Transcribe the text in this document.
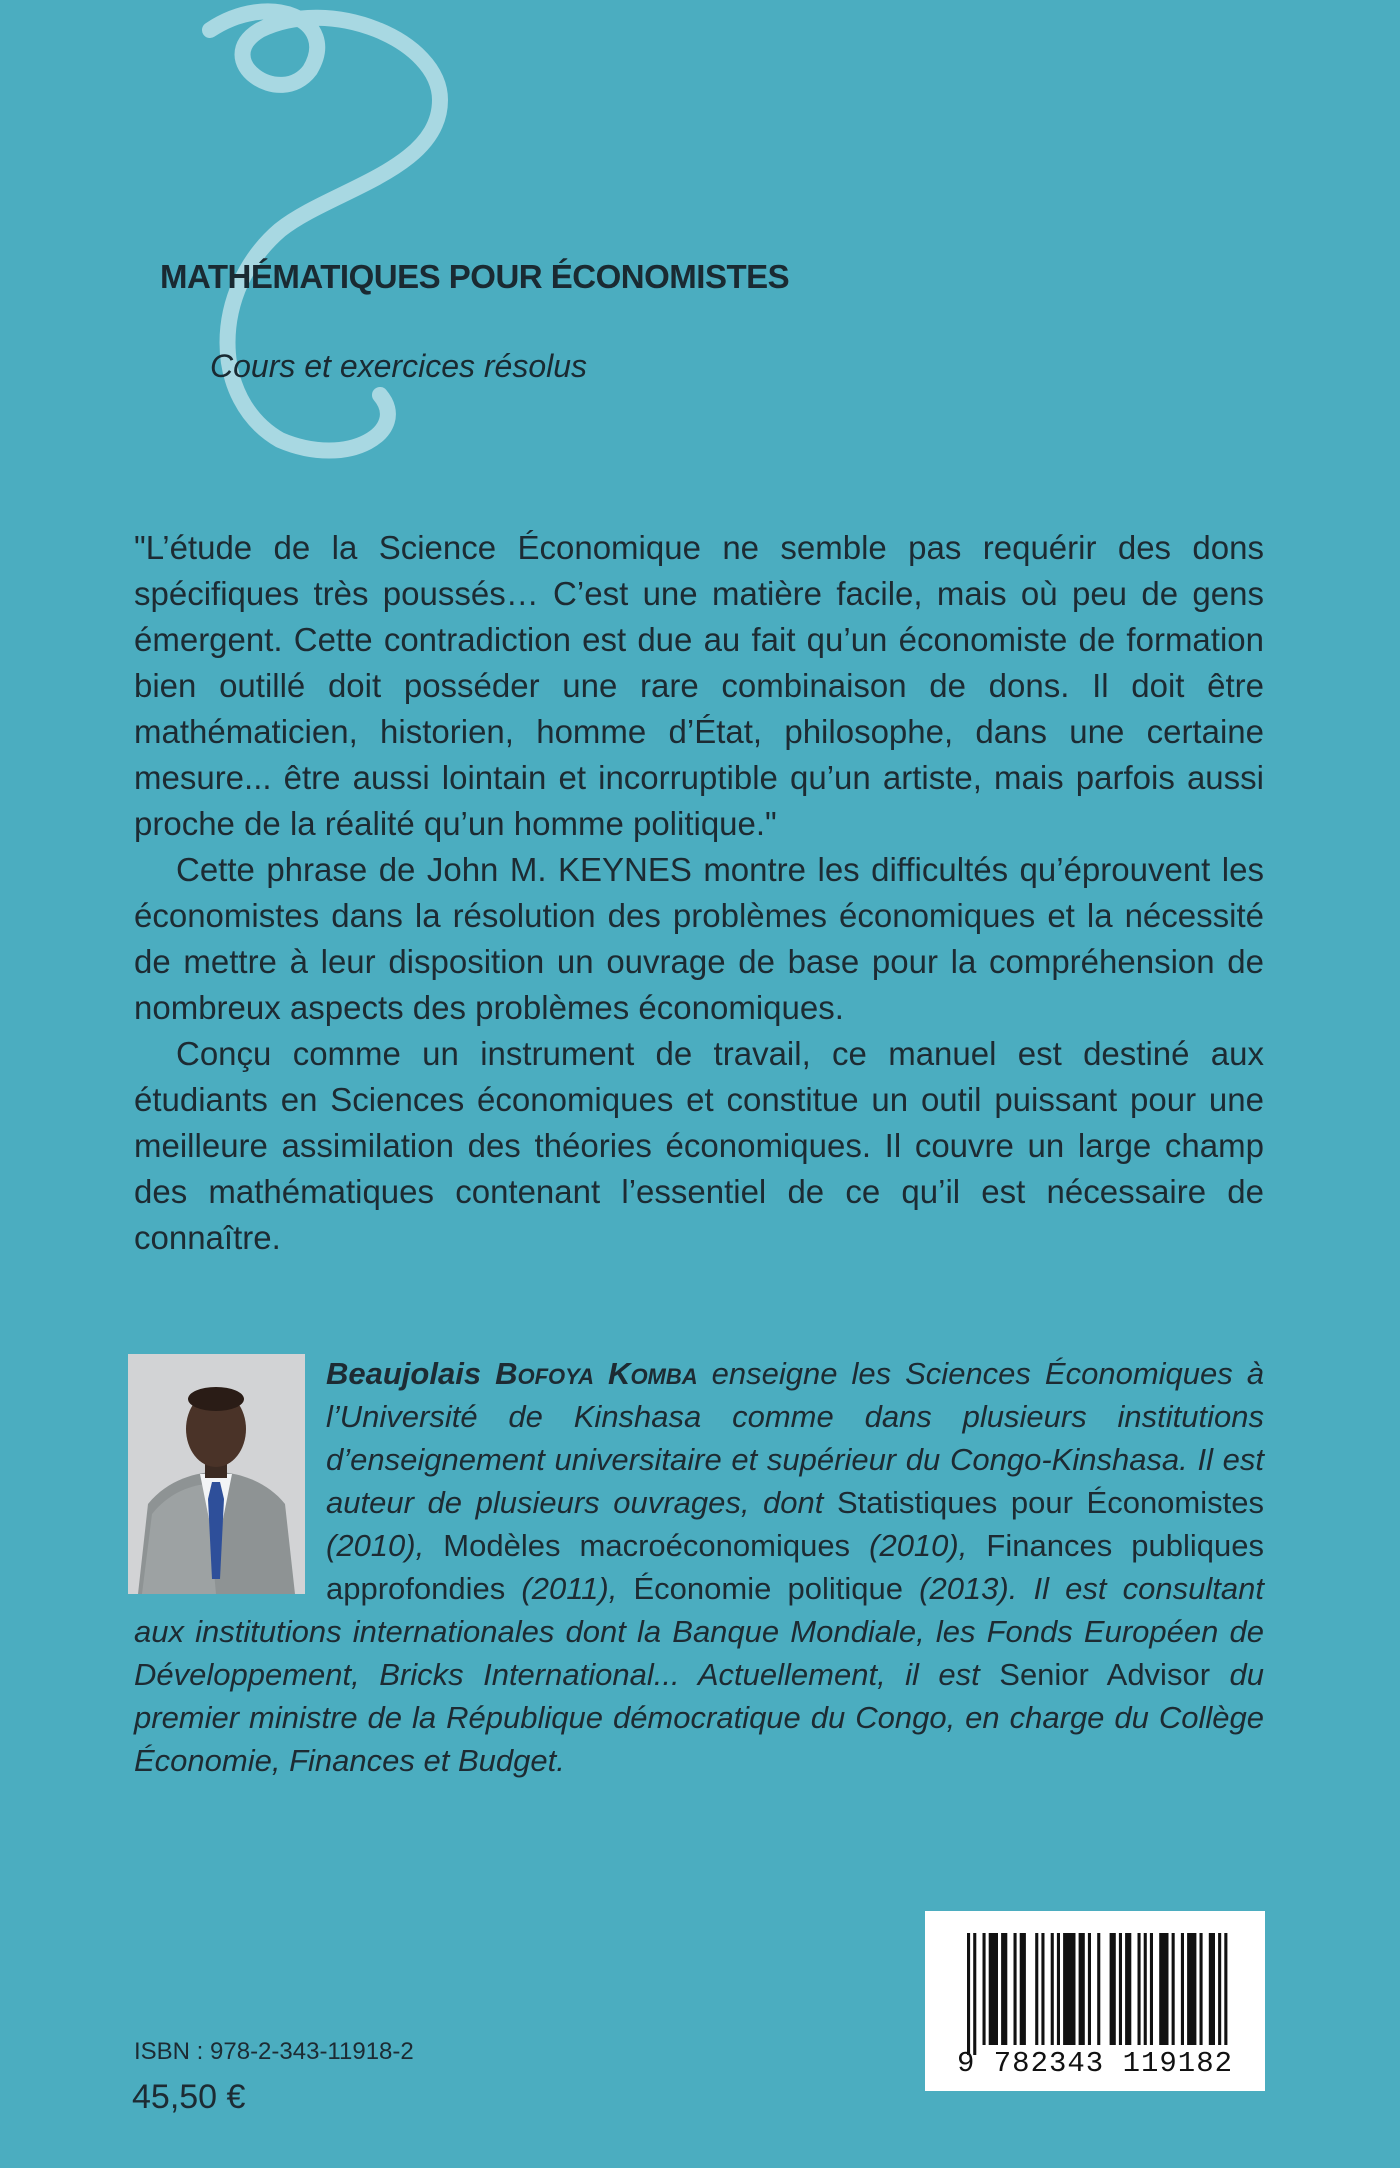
MATHÉMATIQUES POUR ÉCONOMISTES

Cours et exercices résolus

"L’étude de la Science Économique ne semble pas requérir des dons spécifiques très poussés… C’est une matière facile, mais où peu de gens émergent. Cette contradiction est due au fait qu’un économiste de formation bien outillé doit posséder une rare combinaison de dons. Il doit être mathématicien, historien, homme d’État, philosophe, dans une certaine mesure... être aussi lointain et incorruptible qu’un artiste, mais parfois aussi proche de la réalité qu’un homme politique."

Cette phrase de John M. KEYNES montre les difficultés qu’éprouvent les économistes dans la résolution des problèmes économiques et la nécessité de mettre à leur disposition un ouvrage de base pour la compréhension de nombreux aspects des problèmes économiques.

Conçu comme un instrument de travail, ce manuel est destiné aux étudiants en Sciences économiques et constitue un outil puissant pour une meilleure assimilation des théories économiques. Il couvre un large champ des mathématiques contenant l’essentiel de ce qu’il est nécessaire de connaître.

Beaujolais Bofoya Komba enseigne les Sciences Économiques à l’Université de Kinshasa comme dans plusieurs institutions d’enseignement universitaire et supérieur du Congo-Kinshasa. Il est auteur de plusieurs ouvrages, dont Statistiques pour Économistes (2010), Modèles macroéconomiques (2010), Finances publiques approfondies (2011), Économie politique (2013). Il est consultant aux institutions internationales dont la Banque Mondiale, les Fonds Européen de Développement, Bricks International... Actuellement, il est Senior Advisor du premier ministre de la République démocratique du Congo, en charge du Collège Économie, Finances et Budget.
ISBN : 978-2-343-11918-2
45,50 €
9 782343 119182
